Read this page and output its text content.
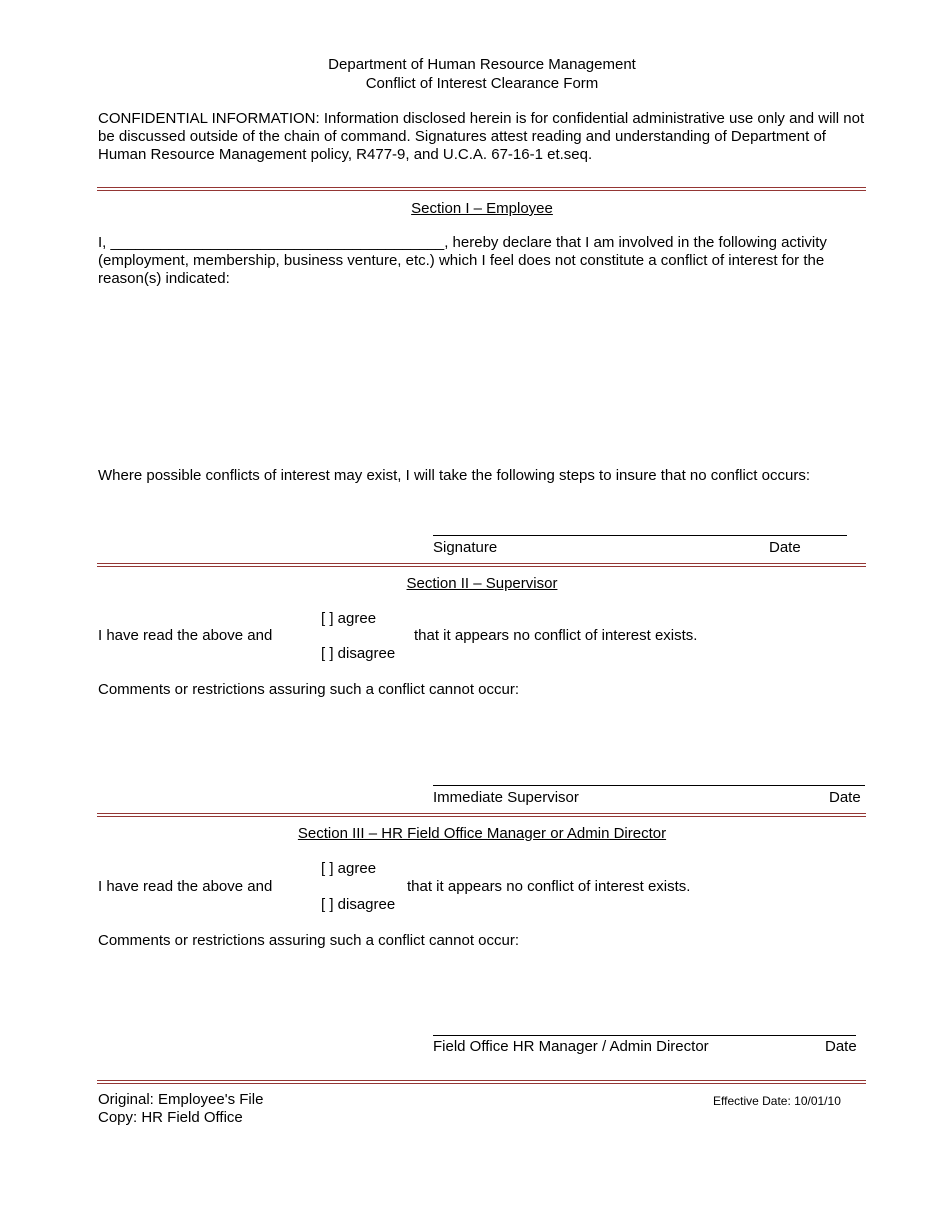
Department of Human Resource Management
Conflict of Interest Clearance Form
CONFIDENTIAL INFORMATION: Information disclosed herein is for confidential administrative use only and will not be discussed outside of the chain of command. Signatures attest reading and understanding of Department of Human Resource Management policy, R477-9, and U.C.A. 67-16-1 et.seq.
Section I – Employee
I, ________________________________________, hereby declare that I am involved in the following activity (employment, membership, business venture, etc.) which I feel does not constitute a conflict of interest for the reason(s) indicated:
Where possible conflicts of interest may exist, I will take the following steps to insure that no conflict occurs:
Signature	Date
Section II – Supervisor
[ ] agree
I have read the above and	that it appears no conflict of interest exists.
[ ] disagree
Comments or restrictions assuring such a conflict cannot occur:
Immediate Supervisor	Date
Section III – HR Field Office Manager or Admin Director
[ ] agree
I have read the above and	that it appears no conflict of interest exists.
[ ] disagree
Comments or restrictions assuring such a conflict cannot occur:
Field Office HR Manager / Admin Director	Date
Original: Employee's File
Copy: HR Field Office
Effective Date: 10/01/10
